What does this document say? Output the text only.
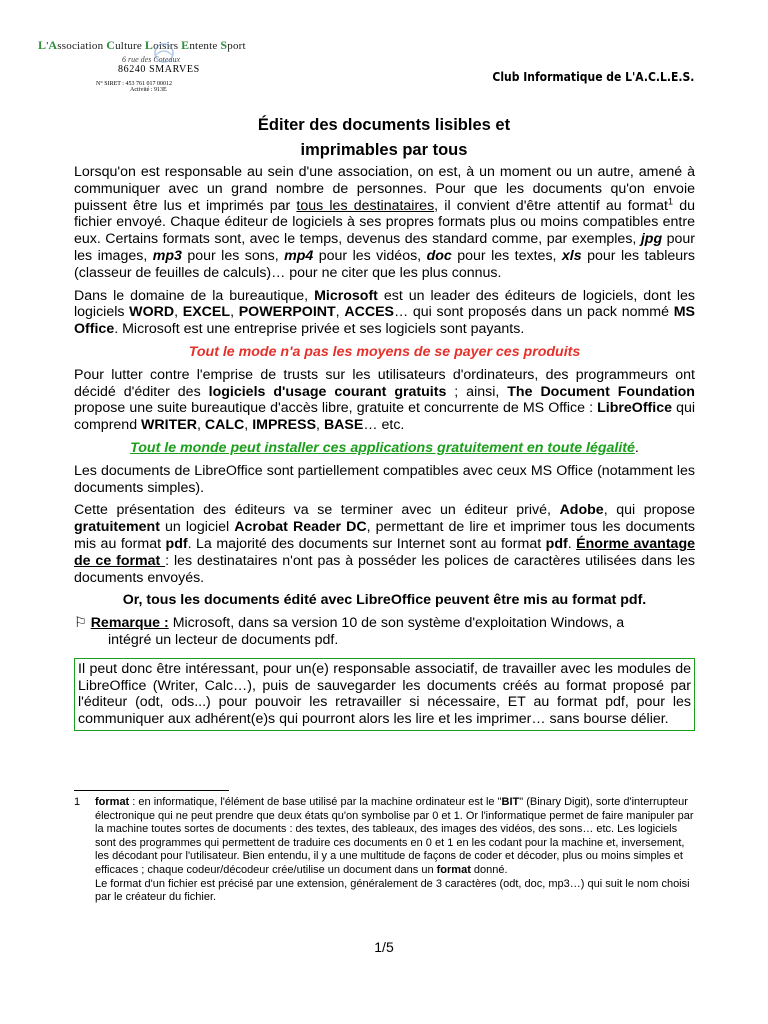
L'Association Culture Loisirs Entente Sport
6 rue des Coteaux
86240 SMARVES
N° SIRET : 453 761 017 00012
Activité : 913E
Club Informatique de L'A.C.L.E.S.
Éditer des documents lisibles et
imprimables par tous

Lorsqu'on est responsable au sein d'une association, on est, à un moment ou un autre, amené à communiquer avec un grand nombre de personnes. Pour que les documents qu'on envoie puissent être lus et imprimés par tous les destinataires, il convient d'être attentif au format$^1$ du fichier envoyé. Chaque éditeur de logiciels à ses propres formats plus ou moins compatibles entre eux. Certains formats sont, avec le temps, devenus des standard comme, par exemples, jpg pour les images, mp3 pour les sons, mp4 pour les vidéos, doc pour les textes, xls pour les tableurs (classeur de feuilles de calculs)… pour ne citer que les plus connus.

Dans le domaine de la bureautique, Microsoft est un leader des éditeurs de logiciels, dont les logiciels WORD, EXCEL, POWERPOINT, ACCES… qui sont proposés dans un pack nommé MS Office. Microsoft est une entreprise privée et ses logiciels sont payants.

Tout le mode n'a pas les moyens de se payer ces produits

Pour lutter contre l'emprise de trusts sur les utilisateurs d'ordinateurs, des programmeurs ont décidé d'éditer des logiciels d'usage courant gratuits ; ainsi, The Document Foundation propose une suite bureautique d'accès libre, gratuite et concurrente de MS Office : LibreOffice qui comprend WRITER, CALC, IMPRESS, BASE… etc.

Tout le monde peut installer ces applications gratuitement en toute légalité.

Les documents de LibreOffice sont partiellement compatibles avec ceux MS Office (notamment les documents simples).

Cette présentation des éditeurs va se terminer avec un éditeur privé, Adobe, qui propose gratuitement un logiciel Acrobat Reader DC, permettant de lire et imprimer tous les documents mis au format pdf. La majorité des documents sur Internet sont au format pdf. Énorme avantage de ce format : les destinataires n'ont pas à posséder les polices de caractères utilisées dans les documents envoyés.

Or, tous les documents édité avec LibreOffice peuvent être mis au format pdf.

⚐ Remarque : Microsoft, dans sa version 10 de son système d'exploitation Windows, a
intégré un lecteur de documents pdf.
Il peut donc être intéressant, pour un(e) responsable associatif, de travailler avec les modules de LibreOffice (Writer, Calc…), puis de sauvegarder les documents créés au format proposé par l'éditeur (odt, ods...) pour pouvoir les retravailler si nécessaire, ET au format pdf, pour les communiquer aux adhérent(e)s qui pourront alors les lire et les imprimer… sans bourse délier.
1 format : en informatique, l'élément de base utilisé par la machine ordinateur est le "BIT" (Binary Digit), sorte d'interrupteur électronique qui ne peut prendre que deux états qu'on symbolise par 0 et 1. Or l'informatique permet de faire manipuler par la machine toutes sortes de documents : des textes, des tableaux, des images des vidéos, des sons… etc. Les logiciels sont des programmes qui permettent de traduire ces documents en 0 et 1 en les codant pour la machine et, inversement, les décodant pour l'utilisateur. Bien entendu, il y a une multitude de façons de coder et décoder, plus ou moins simples et efficaces ; chaque codeur/décodeur crée/utilise un document dans un format donné.
Le format d'un fichier est précisé par une extension, généralement de 3 caractères (odt, doc, mp3…) qui suit le nom choisi par le créateur du fichier.
1/5
